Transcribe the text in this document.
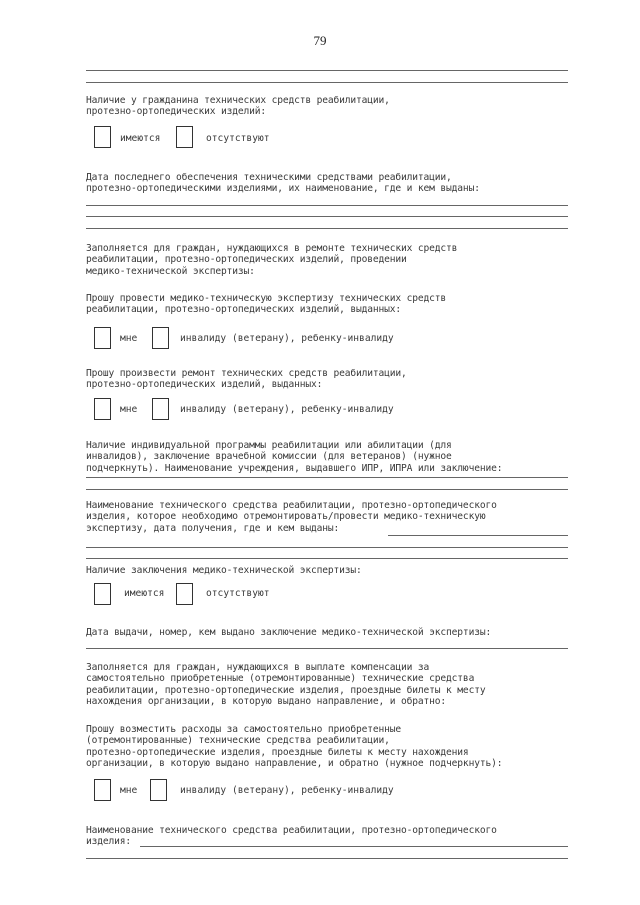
79
Наличие у гражданина технических средств реабилитации,
протезно-ортопедических изделий:
имеются	отсутствуют
Дата последнего обеспечения техническими средствами реабилитации,
протезно-ортопедическими изделиями, их наименование, где и кем выданы:
Заполняется для граждан, нуждающихся в ремонте технических средств
реабилитации, протезно-ортопедических изделий, проведении
медико-технической экспертизы:
Прошу провести медико-техническую экспертизу технических средств
реабилитации, протезно-ортопедических изделий, выданных:
мне	инвалиду (ветерану), ребенку-инвалиду
Прошу произвести ремонт технических средств реабилитации,
протезно-ортопедических изделий, выданных:
мне	инвалиду (ветерану), ребенку-инвалиду
Наличие индивидуальной программы реабилитации или абилитации (для
инвалидов), заключение врачебной комиссии (для ветеранов) (нужное
подчеркнуть). Наименование учреждения, выдавшего ИПР, ИПРА или заключение:
Наименование технического средства реабилитации, протезно-ортопедического
изделия, которое необходимо отремонтировать/провести медико-техническую
экспертизу, дата получения, где и кем выданы:
Наличие заключения медико-технической экспертизы:
имеются	отсутствуют
Дата выдачи, номер, кем выдано заключение медико-технической экспертизы:
Заполняется для граждан, нуждающихся в выплате компенсации за
самостоятельно приобретенные (отремонтированные) технические средства
реабилитации, протезно-ортопедические изделия, проездные билеты к месту
нахождения организации, в которую выдано направление, и обратно:
Прошу возместить расходы за самостоятельно приобретенные
(отремонтированные) технические средства реабилитации,
протезно-ортопедические изделия, проездные билеты к месту нахождения
организации, в которую выдано направление, и обратно (нужное подчеркнуть):
мне	инвалиду (ветерану), ребенку-инвалиду
Наименование технического средства реабилитации, протезно-ортопедического
изделия:
